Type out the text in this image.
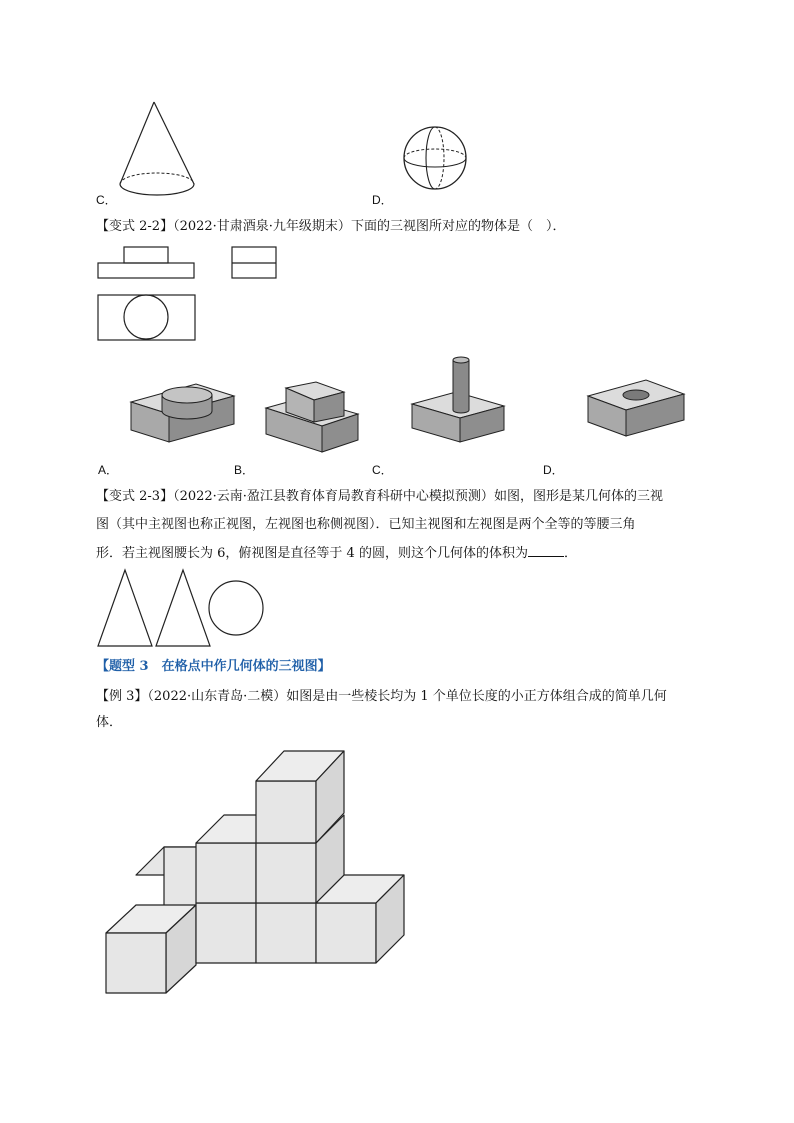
C．	D．
【变式 2-2】（2022·甘肃酒泉·九年级期末）下面的三视图所对应的物体是（　）．
A．	B．	C．	D．
【变式 2-3】（2022·云南·盈江县教育体育局教育科研中心模拟预测）如图，图形是某几何体的三视
图（其中主视图也称正视图，左视图也称侧视图）．已知主视图和左视图是两个全等的等腰三角
形．若主视图腰长为 6，俯视图是直径等于 4 的圆，则这个几何体的体积为	．
【题型 3　在格点中作几何体的三视图】
【例 3】（2022·山东青岛·二模）如图是由一些棱长均为 1 个单位长度的小正方体组合成的简单几何
体．
